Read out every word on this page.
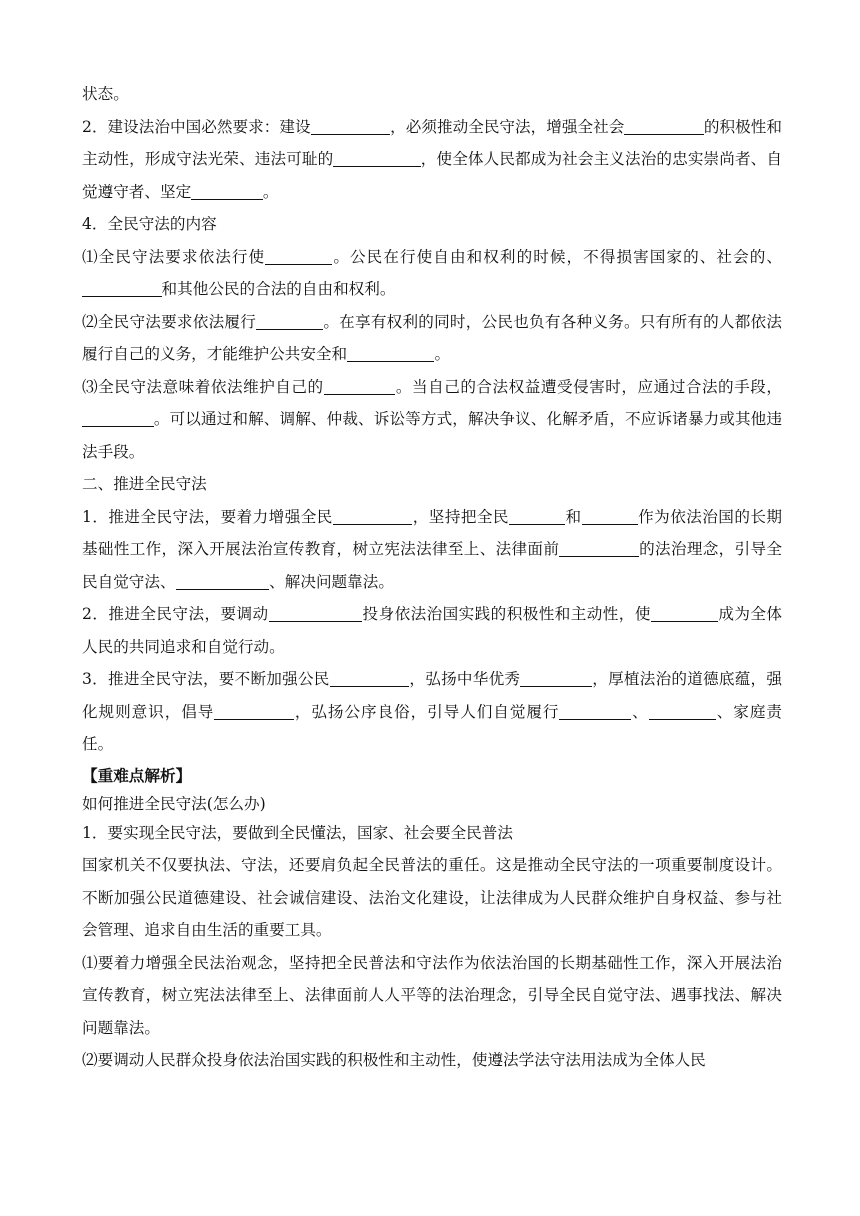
状态。

2．建设法治中国必然要求：建设	，必须推动全民守法，增强全社会	的积极性和主动性，形成守法光荣、违法可耻的	，使全体人民都成为社会主义法治的忠实崇尚者、自觉遵守者、坚定	。

4．全民守法的内容

⑴全民守法要求依法行使	。公民在行使自由和权利的时候，不得损害国家的、社会的、和其他公民的合法的自由和权利。

⑵全民守法要求依法履行	。在享有权利的同时，公民也负有各种义务。只有所有的人都依法履行自己的义务，才能维护公共安全和	。

⑶全民守法意味着依法维护自己的	。当自己的合法权益遭受侵害时，应通过合法的手段，。可以通过和解、调解、仲裁、诉讼等方式，解决争议、化解矛盾，不应诉诸暴力或其他违法手段。

二、推进全民守法

1．推进全民守法，要着力增强全民	，坚持把全民	和	作为依法治国的长期基础性工作，深入开展法治宣传教育，树立宪法法律至上、法律面前	的法治理念，引导全民自觉守法、	、解决问题靠法。

2．推进全民守法，要调动	投身依法治国实践的积极性和主动性，使	成为全体人民的共同追求和自觉行动。

3．推进全民守法，要不断加强公民	，弘扬中华优秀	，厚植法治的道德底蕴，强化规则意识，倡导	，弘扬公序良俗，引导人们自觉履行	、	、家庭责任。

【重难点解析】

如何推进全民守法(怎么办)

1．要实现全民守法，要做到全民懂法，国家、社会要全民普法

国家机关不仅要执法、守法，还要肩负起全民普法的重任。这是推动全民守法的一项重要制度设计。不断加强公民道德建设、社会诚信建设、法治文化建设，让法律成为人民群众维护自身权益、参与社会管理、追求自由生活的重要工具。

⑴要着力增强全民法治观念，坚持把全民普法和守法作为依法治国的长期基础性工作，深入开展法治宣传教育，树立宪法法律至上、法律面前人人平等的法治理念，引导全民自觉守法、遇事找法、解决问题靠法。

⑵要调动人民群众投身依法治国实践的积极性和主动性，使遵法学法守法用法成为全体人民
